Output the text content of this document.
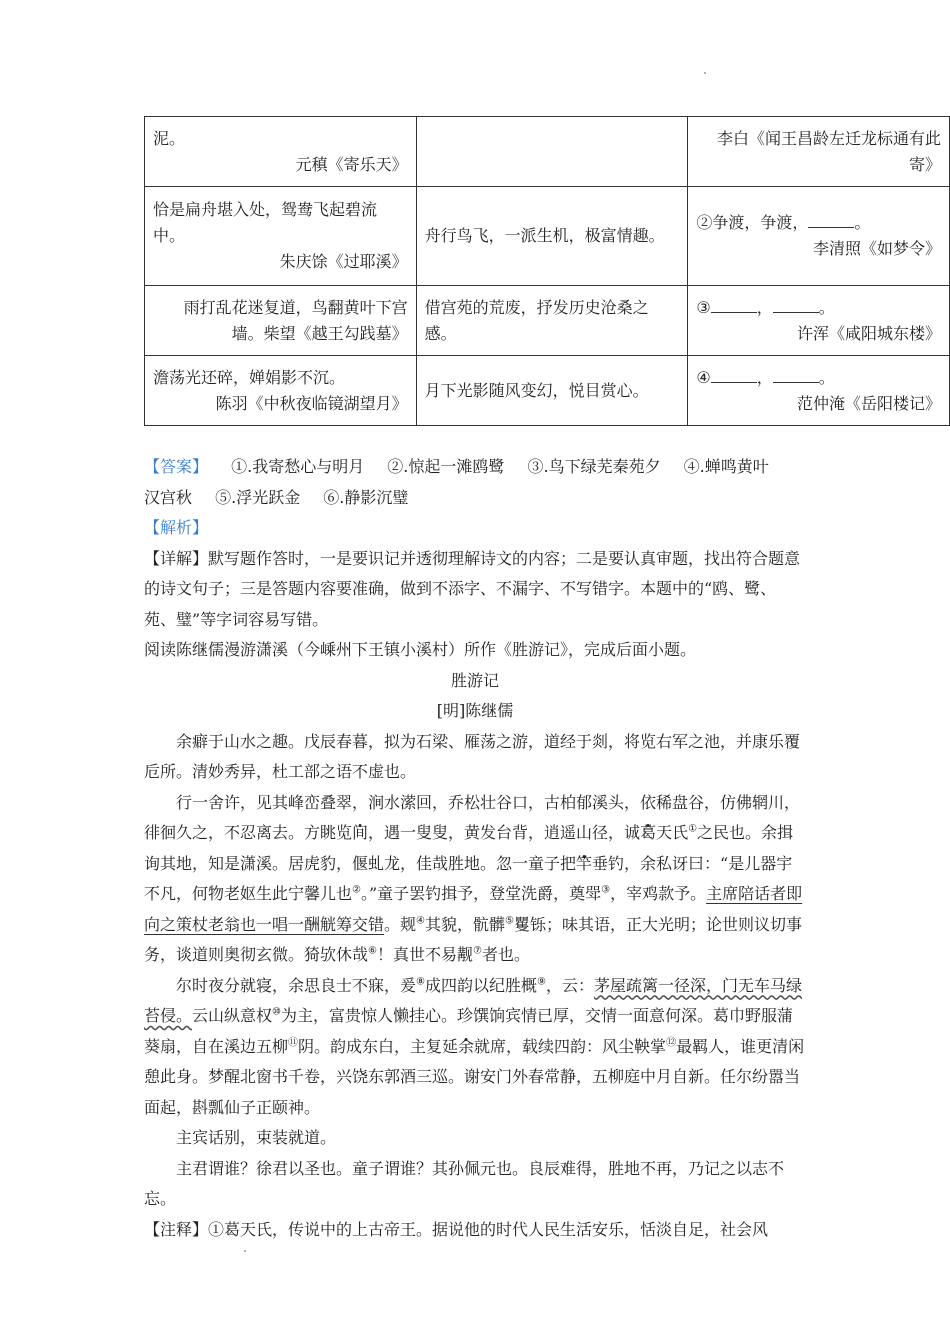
泥。

元稹《寄乐天》		李白《闻王昌龄左迁龙标通有此
寄》

恰是扁舟堪入处，鸳鸯飞起碧流
中。
朱庆馀《过耶溪》	舟行鸟飞，一派生机，极富情趣。	②争渡，争渡， 。
李清照《如梦令》

雨打乱花迷复道，鸟翻黄叶下宫
墙。柴望《越王勾践墓》	借宫苑的荒废，抒发历史沧桑之感。	③ ， 。
许浑《咸阳城东楼》

澹荡光还碎，婵娟影不沉。

陈羽《中秋夜临镜湖望月》	月下光影随风变幻，悦目赏心。	④ ， 。
范仲淹《岳阳楼记》
【答案】 ①.我寄愁心与明月 ②.惊起一滩鸥鹭 ③.鸟下绿芜秦苑夕 ④.蝉鸣黄叶
汉宫秋 ⑤.浮光跃金 ⑥.静影沉璧
【解析】
【详解】默写题作答时，一是要识记并透彻理解诗文的内容；二是要认真审题，找出符合题意的诗文句子；三是答题内容要准确，做到不添字、不漏字、不写错字。本题中的“鸥、鹭、苑、璧”等字词容易写错。
阅读陈继儒漫游潇溪（今嵊州下王镇小溪村）所作《胜游记》，完成后面小题。
胜游记
[明]陈继儒
余癖于山水之趣。戊辰春暮，拟为石梁、雁荡之游，道经于剡，将览右军之池，并康乐覆卮所。清妙秀异，杜工部之语不虚也。
行一舍许，见其峰峦叠翠，涧水潆回，乔松壮谷口，古柏郁溪头，依稀盘谷，仿佛辋川，徘徊久之，不忍离去。方眺览间，遇一叟叟，黄发台背，逍遥山径，诚葛天氏①之民也。余揖询其地，知是潇溪。居虎豹，偃虬龙，佳哉胜地。忽一童子把竿垂钓，余私讶曰：“是儿器宇不凡，何物老妪生此宁馨儿也②。”童子罢钓揖予，登堂洗爵，奠斝③，宰鸡款予。主席陪话者即向之策杖老翁也一唱一酬觥筹交错。觌④其貌，骯髒⑤矍铄；味其语，正大光明；论世则议切事务，谈道则奥彻玄微。猗欤休哉⑥！真世不易觏⑦者也。
尔时夜分就寝，余思良士不寐，爰⑧成四韵以纪胜概⑨，云：茅屋疏篱一径深，门无车马绿苔侵。云山纵意权⑩为主，富贵惊人懒挂心。珍馔饷宾情已厚，交情一面意何深。葛巾野服蒲葵扇，自在溪边五柳⑪阴。韵成东白，主复延余就席，载续四韵：风尘鞅掌⑫最羁人，谁更清闲憩此身。梦醒北窗书千卷，兴饶东郭酒三巡。谢安门外春常静，五柳庭中月自新。任尔纷嚣当面起，斟瓢仙子正颐神。
主宾话别，束装就道。
主君谓谁？徐君以圣也。童子谓谁？其孙佩元也。良辰难得，胜地不再，乃记之以志不忘。
【注释】①葛天氏，传说中的上古帝王。据说他的时代人民生活安乐，恬淡自足，社会风
